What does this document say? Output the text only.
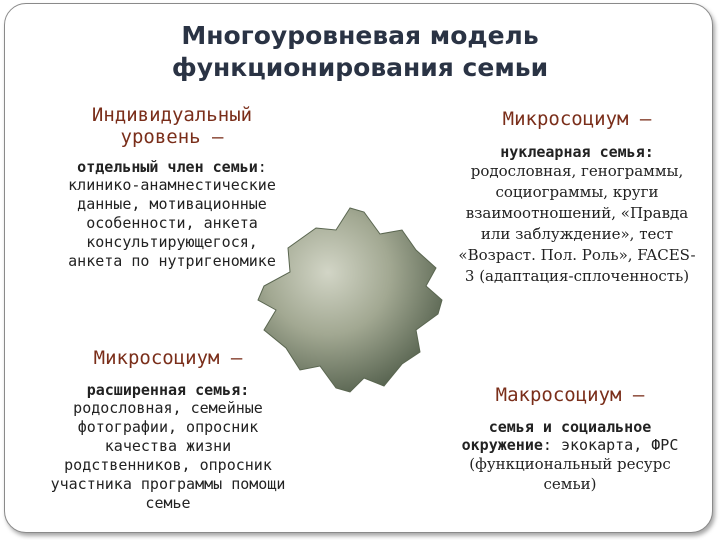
Многоуровневая модель
функционирования семьи
Индивидуальный
уровень –
отдельный член семьи:
клинико-анамнестические
данные, мотивационные
особенности, анкета
консультирующегося,
анкета по нутригеномике
Микросоциум –
нуклеарная семья:
родословная, генограммы,
социограммы, круги
взаимоотношений, «Правда
или заблуждение», тест
«Возраст. Пол. Роль», FACES-
3 (адаптация-сплоченность)
Микросоциум –
расширенная семья:
родословная, семейные
фотографии, опросник
качества жизни
родственников, опросник
участника программы помощи
семье
Макросоциум –
семья и социальное
окружение: экокарта, ФРС
(функциональный ресурс
семьи)
